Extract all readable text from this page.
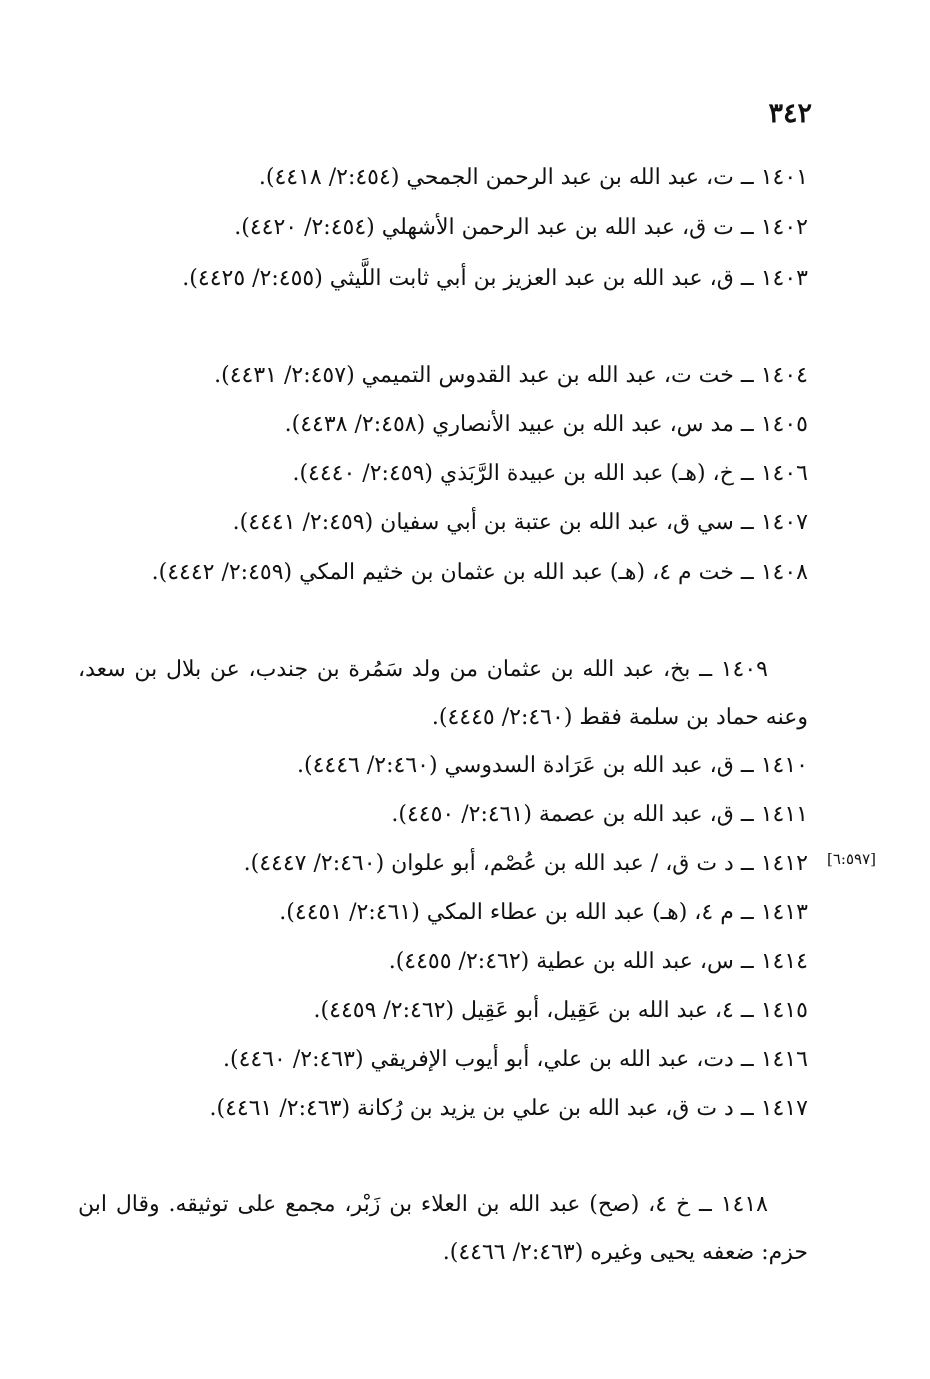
٣٤٢
١٤٠١ ــ ت، عبد الله بن عبد الرحمن الجمحي (٢:٤٥٤/ ٤٤١٨).
١٤٠٢ ــ ت ق، عبد الله بن عبد الرحمن الأشهلي (٢:٤٥٤/ ٤٤٢٠).
١٤٠٣ ــ ق، عبد الله بن عبد العزيز بن أبي ثابت اللَّيثي (٢:٤٥٥/ ٤٤٢٥).
١٤٠٤ ــ خت ت، عبد الله بن عبد القدوس التميمي (٢:٤٥٧/ ٤٤٣١).
١٤٠٥ ــ مد س، عبد الله بن عبيد الأنصاري (٢:٤٥٨/ ٤٤٣٨).
١٤٠٦ ــ خ، (هـ) عبد الله بن عبيدة الرَّبَذي (٢:٤٥٩/ ٤٤٤٠).
١٤٠٧ ــ سي ق، عبد الله بن عتبة بن أبي سفيان (٢:٤٥٩/ ٤٤٤١).
١٤٠٨ ــ خت م ٤، (هـ) عبد الله بن عثمان بن خثيم المكي (٢:٤٥٩/ ٤٤٤٢).
١٤٠٩ ــ بخ، عبد الله بن عثمان من ولد سَمُرة بن جندب، عن بلال بن سعد، وعنه حماد بن سلمة فقط (٢:٤٦٠/ ٤٤٤٥).
١٤١٠ ــ ق، عبد الله بن عَرَادة السدوسي (٢:٤٦٠/ ٤٤٤٦).
١٤١١ ــ ق، عبد الله بن عصمة (٢:٤٦١/ ٤٤٥٠).
١٤١٢ ــ د ت ق، / عبد الله بن عُصْم، أبو علوان (٢:٤٦٠/ ٤٤٤٧).
١٤١٣ ــ م ٤، (هـ) عبد الله بن عطاء المكي (٢:٤٦١/ ٤٤٥١).
١٤١٤ ــ س، عبد الله بن عطية (٢:٤٦٢/ ٤٤٥٥).
١٤١٥ ــ ٤، عبد الله بن عَقِيل، أبو عَقِيل (٢:٤٦٢/ ٤٤٥٩).
١٤١٦ ــ دت، عبد الله بن علي، أبو أيوب الإفريقي (٢:٤٦٣/ ٤٤٦٠).
١٤١٧ ــ د ت ق، عبد الله بن علي بن يزيد بن رُكانة (٢:٤٦٣/ ٤٤٦١).
١٤١٨ ــ خ ٤، (صح) عبد الله بن العلاء بن زَبْر، مجمع على توثيقه. وقال ابن حزم: ضعفه يحيى وغيره (٢:٤٦٣/ ٤٤٦٦).
[٦:٥٩٧]
